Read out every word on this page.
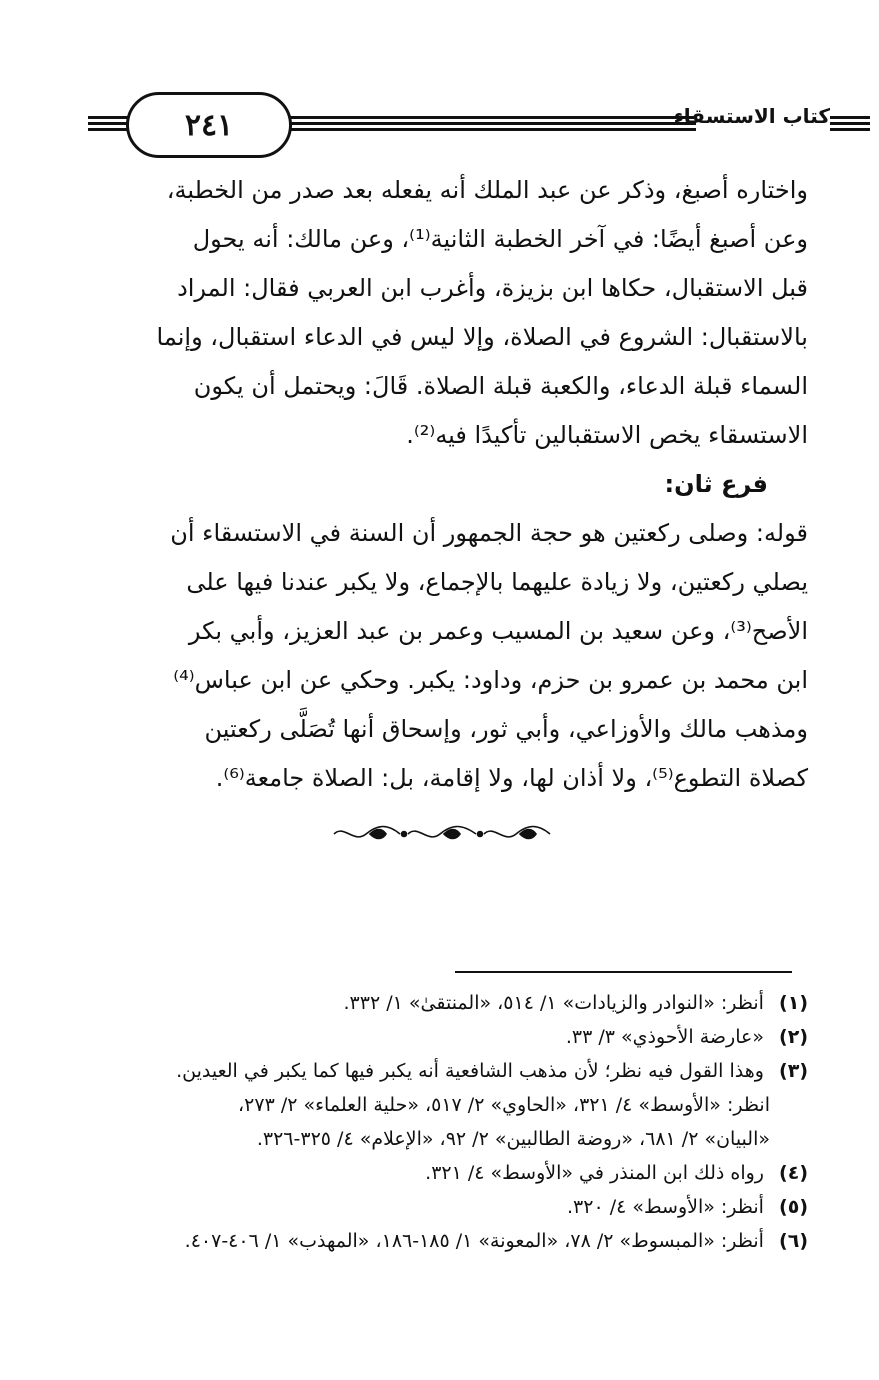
٢٤١	كتاب الاستسقاء
واختاره أصبغ، وذكر عن عبد الملك أنه يفعله بعد صدر من الخطبة،
وعن أصبغ أيضًا: في آخر الخطبة الثانية⁽¹⁾، وعن مالك: أنه يحول
قبل الاستقبال، حكاها ابن بزيزة، وأغرب ابن العربي فقال: المراد
بالاستقبال: الشروع في الصلاة، وإلا ليس في الدعاء استقبال، وإنما
السماء قبلة الدعاء، والكعبة قبلة الصلاة. قَالَ: ويحتمل أن يكون
الاستسقاء يخص الاستقبالين تأكيدًا فيه⁽²⁾.
فرع ثان:
قوله: وصلى ركعتين هو حجة الجمهور أن السنة في الاستسقاء أن
يصلي ركعتين، ولا زيادة عليهما بالإجماع، ولا يكبر عندنا فيها على
الأصح⁽³⁾، وعن سعيد بن المسيب وعمر بن عبد العزيز، وأبي بكر
ابن محمد بن عمرو بن حزم، وداود: يكبر. وحكي عن ابن عباس⁽⁴⁾
ومذهب مالك والأوزاعي، وأبي ثور، وإسحاق أنها تُصَلَّى ركعتين
كصلاة التطوع⁽⁵⁾، ولا أذان لها، ولا إقامة، بل: الصلاة جامعة⁽⁶⁾.
(١) أنظر: «النوادر والزيادات» ١/ ٥١٤، «المنتقىٰ» ١/ ٣٣٢.
(٢) «عارضة الأحوذي» ٣/ ٣٣.
(٣) وهذا القول فيه نظر؛ لأن مذهب الشافعية أنه يكبر فيها كما يكبر في العيدين.
انظر: «الأوسط» ٤/ ٣٢١، «الحاوي» ٢/ ٥١٧، «حلية العلماء» ٢/ ٢٧٣،
«البيان» ٢/ ٦٨١، «روضة الطالبين» ٢/ ٩٢، «الإعلام» ٤/ ٣٢٥-٣٢٦.
(٤) رواه ذلك ابن المنذر في «الأوسط» ٤/ ٣٢١.
(٥) أنظر: «الأوسط» ٤/ ٣٢٠.
(٦) أنظر: «المبسوط» ٢/ ٧٨، «المعونة» ١/ ١٨٥-١٨٦، «المهذب» ١/ ٤٠٦-٤٠٧.
